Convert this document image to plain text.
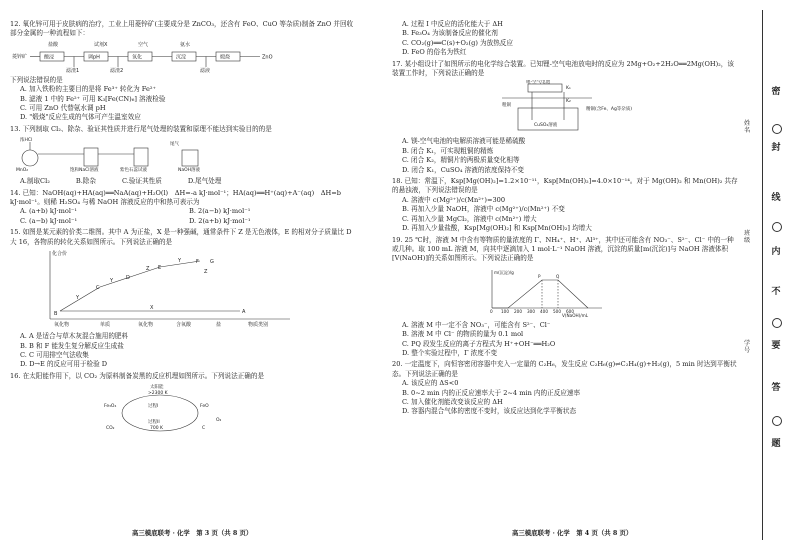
12. 氧化锌可用于皮肤病的治疗，工业上用菱锌矿(主要成分是 ZnCO₃，还含有 FeO、CuO 等杂质)制备 ZnO 并回收部分金属的一种流程如下：
盐酸	试剂X	空气	氨水
菱锌矿	酸浸	调pH	氧化	沉淀	煅烧	ZnO
滤渣1	滤渣2	滤液
下列说法错误的是
A. 加入铁粉的主要目的是将 Fe³⁺ 转化为 Fe²⁺
B. 滤液 1 中的 Fe²⁺ 可用 K₃[Fe(CN)₆] 溶液检验
C. 可用 ZnO 代替氨水调 pH
D. "煅烧"反应生成的气体可产生温室效应
13. 下列制取 Cl₂、除杂、验证其性质并进行尾气处理的装置和原理不能达到实验目的的是
浓HCl
尾气
MnO₂	饱和NaCl溶液	紫色石蕊试液	NaOH溶液
A.制取Cl₂	B.除杂	C.验证其性质	D.尾气处理
14. 已知：NaOH(aq)+HA(aq)══NaA(aq)+H₂O(l)　ΔH=-a kJ·mol⁻¹；HA(aq)══H⁺(aq)+A⁻(aq)　ΔH=b kJ·mol⁻¹。则稀 H₂SO₄ 与稀 NaOH 溶液反应的中和热可表示为
A. (a+b) kJ·mol⁻¹	B. 2(a−b) kJ·mol⁻¹
C. (a−b) kJ·mol⁻¹	D. 2(a+b) kJ·mol⁻¹
15. 如图是某元素的价类二维图。其中 A 为正盐，X 是一种强碱，通常条件下 Z 是无色液体，E 的相对分子质量比 D 大 16，各物质的转化关系如图所示。下列说法正确的是
化合价
氧化物	单质	氧化物	含氧酸	盐	物质类别
A
B
C
D
E
F G
X
Y
Y
Z
Y
Z
A. A 是适合与草木灰混合施用的肥料
B. B 和 F 能发生复分解反应生成盐
C. C 可用排空气法收集
D. D→E 的反应可用于检验 D
16. 在太阳能作用下，以 CO₂ 为原料制备炭黑的反应机理如图所示。下列说法正确的是
太阳能
>2300 K
过程I
过程II
700 K
Fe₃O₄	FeO
CO₂	C
O₂
高三模底联考 · 化学　第 3 页（共 8 页）
A. 过程 I 中反应的活化能大于 ΔH
B. Fe₃O₄ 为该制备反应的催化剂
C. CO₂(g)══C(s)+O₂(g) 为放热反应
D. FeO 的俗名为铁红
17. 某小组设计了如图所示的电化学综合装置。已知锂-空气电池放电时的反应为 2Mg+O₂+2H₂O══2Mg(OH)₂，该装置工作时，下列说法正确的是
锂-空气电池
K₁
K₂
粗铜
精铜(含Fe、Ag等杂质)
CuSO₄溶液
A. 镁-空气电池的电解质溶液可能是稀硫酸
B. 闭合 K₁，可实现粗铜的精炼
C. 闭合 K₂，精铜片的两极质量变化相等
D. 闭合 K₁，CuSO₄ 溶液的浓度保持不变
18. 已知：常温下，Ksp[Mg(OH)₂]=1.2×10⁻¹¹，Ksp[Mn(OH)₂]=4.0×10⁻¹⁴。对于 Mg(OH)₂ 和 Mn(OH)₂ 共存的悬浊液，下列说法错误的是
A. 溶液中 c(Mg²⁺)/c(Mn²⁺)=300
B. 再加入少量 NaOH，溶液中 c(Mg²⁺)/c(Mn²⁺) 不变
C. 再加入少量 MgCl₂，溶液中 c(Mn²⁺) 增大
D. 再加入少量盐酸，Ksp[Mg(OH)₂] 和 Ksp[Mn(OH)₂] 均增大
19. 25 ℃时，溶液 M 中含有等物质的量浓度的 Γ、NH₄⁺、H⁺、Al³⁺，其中还可能含有 NO₃⁻、S²⁻、Cl⁻ 中的一种或几种。取 100 mL 溶液 M，向其中逐滴加入 1 mol·L⁻¹ NaOH 溶液，沉淀的质量[m(沉淀)]与 NaOH 溶液体积[V(NaOH)]的关系如图所示。下列说法正确的是
m(沉淀)/g
V(NaOH)/mL
0 100 200 300 400 500 600
P	Q
A. 溶液 M 中一定不含 NO₃⁻，可能含有 S²⁻、Cl⁻
B. 溶液 M 中 Cl⁻ 的物质的量为 0.1 mol
C. PQ 段发生反应的离子方程式为 H⁺+OH⁻══H₂O
D. 整个实验过程中，Γ 浓度不变
20. 一定温度下，向恒容密闭容器中充入一定量的 C₂H₆，发生反应 C₂H₆(g)⇌C₂H₄(g)+H₂(g)，5 min 时达到平衡状态。下列说法正确的是
A. 该反应的 ΔS<0
B. 0~2 min 内的正反应速率大于 2~4 min 内的正反应速率
C. 加入催化剂能改变该反应的 ΔH
D. 容器内混合气体的密度不变时，该反应达到化学平衡状态
高三模底联考 · 化学　第 4 页（共 8 页）
姓名
班级
学号
密
封
线
内
不
要
答
题
